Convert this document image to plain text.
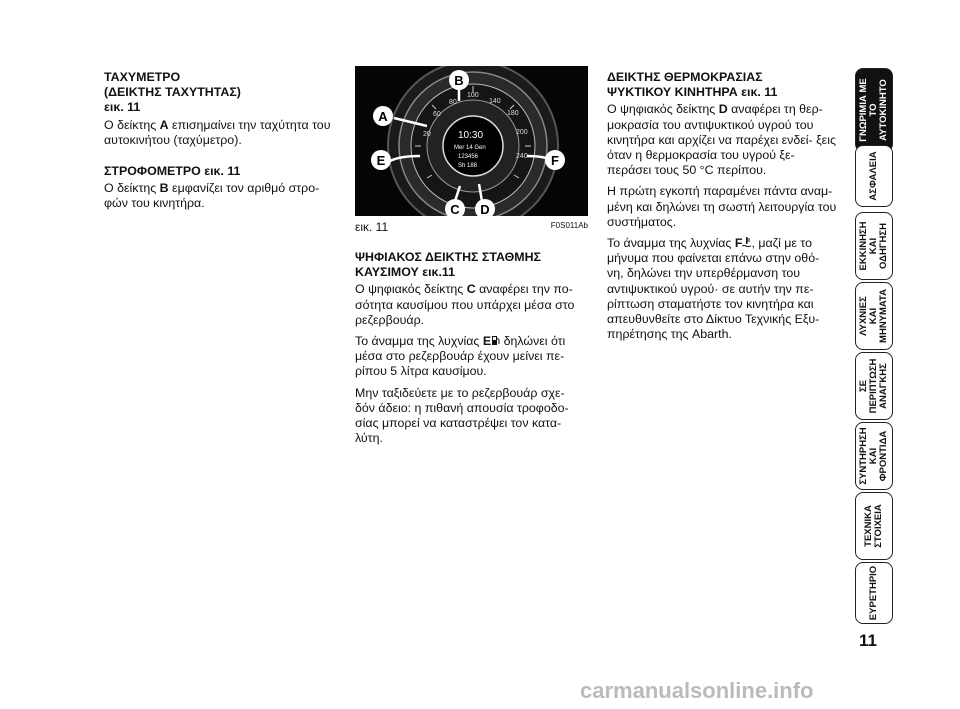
ΤΑΧΥΜΕΤΡΟ
(ΔΕΙΚΤΗΣ ΤΑΧΥΤΗΤΑΣ)
εικ. 11

Ο δείκτης A επισημαίνει την ταχύτητα του αυτοκινήτου (ταχύμετρο).

ΣΤΡΟΦΟΜΕΤΡΟ εικ. 11

Ο δείκτης B εμφανίζει τον αριθμό στρο- φών του κινητήρα.

20
60
80
100
140
180
200
240
10:30
Mer 14 Gen
123456
Sh 188
B
A
E	F
C D
εικ. 11	F0S011Ab
ΨΗΦΙΑΚΟΣ ΔΕΙΚΤΗΣ ΣΤΑΘΜΗΣ
ΚΑΥΣΙΜΟΥ εικ.11

Ο ψηφιακός δείκτης C αναφέρει την πο- σότητα καυσίμου που υπάρχει μέσα στο ρεζερβουάρ.

Το άναμμα της λυχνίας E δηλώνει ότι μέσα στο ρεζερβουάρ έχουν μείνει πε- ρίπου 5 λίτρα καυσίμου.

Μην ταξιδεύετε με το ρεζερβουάρ σχε- δόν άδειο: η πιθανή απουσία τροφοδο- σίας μπορεί να καταστρέψει τον κατα- λύτη.

ΔΕΙΚΤΗΣ ΘΕΡΜΟΚΡΑΣΙΑΣ
ΨΥΚΤΙΚΟΥ ΚΙΝΗΤΗΡΑ εικ. 11

Ο ψηφιακός δείκτης D αναφέρει τη θερ- μοκρασία του αντιψυκτικού υγρού του κινητήρα και αρχίζει να παρέχει ενδεί- ξεις όταν η θερμοκρασία του υγρού ξε- περάσει τους 50 °C περίπου.

Η πρώτη εγκοπή παραμένει πάντα αναμ- μένη και δηλώνει τη σωστή λειτουργία του συστήματος.

Το άναμμα της λυχνίας F , μαζί με το μήνυμα που φαίνεται επάνω στην οθό- νη, δηλώνει την υπερθέρμανση του αντιψυκτικού υγρού· σε αυτήν την πε- ρίπτωση σταματήστε τον κινητήρα και απευθυνθείτε στο Δίκτυο Τεχνικής Εξυ- πηρέτησης της Abarth.

ΓΝΩΡΙΜΙΑ ΜΕ
ΤΟ
ΑΥΤΟΚΙΝΗΤΟ
ΑΣΦΑΛΕΙΑ
ΕΚΚΙΝΗΣΗ
ΚΑΙ
ΟΔΗΓΗΣΗ
ΛΥΧΝΙΕΣ
ΚΑΙ
ΜΗΝΥΜΑΤΑ
ΣΕ
ΠΕΡΙΠΤΩΣΗ
ΑΝΑΓΚΗΣ
ΣΥΝΤΗΡΗΣΗ
ΚΑΙ
ΦΡΟΝΤΙΔΑ
ΤΕΧΝΙΚΑ
ΣΤΟΙΧΕΙΑ
ΕΥΡΕΤΗΡΙΟ
11
carmanualsonline.info
